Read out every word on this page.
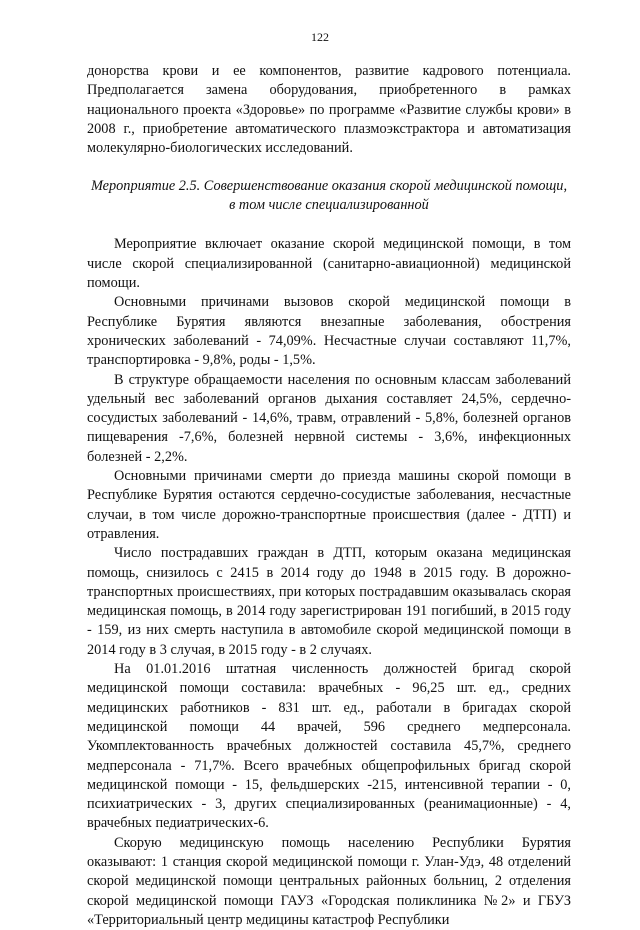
122

донорства крови и ее компонентов, развитие кадрового потенциала. Предполагается замена оборудования, приобретенного в рамках национального проекта «Здоровье» по программе «Развитие службы крови» в 2008 г., приобретение автоматического плазмоэкстрактора и автоматизация молекулярно-биологических исследований.

Мероприятие 2.5. Совершенствование оказания скорой медицинской помощи, в том числе специализированной

Мероприятие включает оказание скорой медицинской помощи, в том числе скорой специализированной (санитарно-авиационной) медицинской помощи.

Основными причинами вызовов скорой медицинской помощи в Республике Бурятия являются внезапные заболевания, обострения хронических заболеваний - 74,09%. Несчастные случаи составляют 11,7%, транспортировка - 9,8%, роды - 1,5%.

В структуре обращаемости населения по основным классам заболеваний удельный вес заболеваний органов дыхания составляет 24,5%, сердечно-сосудистых заболеваний - 14,6%, травм, отравлений - 5,8%, болезней органов пищеварения -7,6%, болезней нервной системы - 3,6%, инфекционных болезней - 2,2%.

Основными причинами смерти до приезда машины скорой помощи в Республике Бурятия остаются сердечно-сосудистые заболевания, несчастные случаи, в том числе дорожно-транспортные происшествия (далее - ДТП) и отравления.

Число пострадавших граждан в ДТП, которым оказана медицинская помощь, снизилось с 2415 в 2014 году до 1948 в 2015 году. В дорожно-транспортных происшествиях, при которых пострадавшим оказывалась скорая медицинская помощь, в 2014 году зарегистрирован 191 погибший, в 2015 году - 159, из них смерть наступила в автомобиле скорой медицинской помощи в 2014 году в 3 случая, в 2015 году - в 2 случаях.

На 01.01.2016 штатная численность должностей бригад скорой медицинской помощи составила: врачебных - 96,25 шт. ед., средних медицинских работников - 831 шт. ед., работали в бригадах скорой медицинской помощи 44 врачей, 596 среднего медперсонала. Укомплектованность врачебных должностей составила 45,7%, среднего медперсонала - 71,7%. Всего врачебных общепрофильных бригад скорой медицинской помощи - 15, фельдшерских -215, интенсивной терапии - 0, психиатрических - 3, других специализированных (реанимационные) - 4, врачебных педиатрических-6.

Скорую медицинскую помощь населению Республики Бурятия оказывают: 1 станция скорой медицинской помощи г. Улан-Удэ, 48 отделений скорой медицинской помощи центральных районных больниц, 2 отделения скорой медицинской помощи ГАУЗ «Городская поликлиника №2» и ГБУЗ «Территориальный центр медицины катастроф Республики
